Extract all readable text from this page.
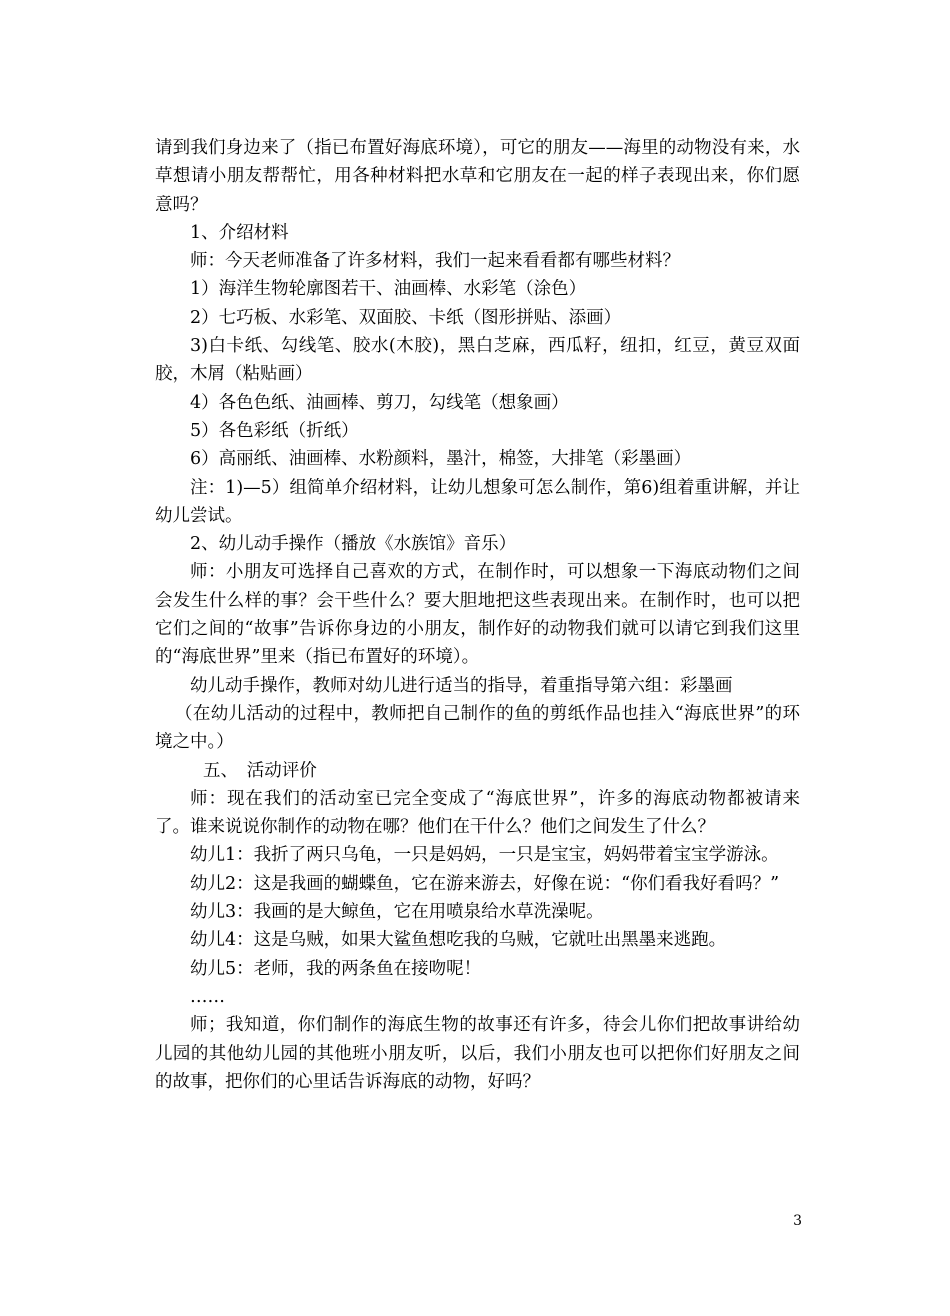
请到我们身边来了（指已布置好海底环境），可它的朋友——海里的动物没有来，水草想请小朋友帮帮忙，用各种材料把水草和它朋友在一起的样子表现出来，你们愿意吗？

1、介绍材料

师：今天老师准备了许多材料，我们一起来看看都有哪些材料？

1）海洋生物轮廓图若干、油画棒、水彩笔（涂色）

2）七巧板、水彩笔、双面胶、卡纸（图形拼贴、添画）

3)白卡纸、勾线笔、胶水(木胶)，黑白芝麻，西瓜籽，纽扣，红豆，黄豆双面胶，木屑（粘贴画）

4）各色色纸、油画棒、剪刀，勾线笔（想象画）

5）各色彩纸（折纸）

6）高丽纸、油画棒、水粉颜料，墨汁，棉签，大排笔（彩墨画）

注：1)—5）组简单介绍材料，让幼儿想象可怎么制作，第6)组着重讲解，并让幼儿尝试。

2、幼儿动手操作（播放《水族馆》音乐）

师：小朋友可选择自己喜欢的方式，在制作时，可以想象一下海底动物们之间会发生什么样的事？会干些什么？要大胆地把这些表现出来。在制作时，也可以把它们之间的“故事”告诉你身边的小朋友，制作好的动物我们就可以请它到我们这里的“海底世界”里来（指已布置好的环境）。

幼儿动手操作，教师对幼儿进行适当的指导，着重指导第六组：彩墨画

（在幼儿活动的过程中，教师把自己制作的鱼的剪纸作品也挂入“海底世界”的环境之中。）

五、　活动评价

师：现在我们的活动室已完全变成了“海底世界”，许多的海底动物都被请来了。谁来说说你制作的动物在哪？他们在干什么？他们之间发生了什么？

幼儿1：我折了两只乌龟，一只是妈妈，一只是宝宝，妈妈带着宝宝学游泳。

幼儿2：这是我画的蝴蝶鱼，它在游来游去，好像在说：“你们看我好看吗？”

幼儿3：我画的是大鲸鱼，它在用喷泉给水草洗澡呢。

幼儿4：这是乌贼，如果大鲨鱼想吃我的乌贼，它就吐出黑墨来逃跑。

幼儿5：老师，我的两条鱼在接吻呢！

……

师；我知道，你们制作的海底生物的故事还有许多，待会儿你们把故事讲给幼儿园的其他幼儿园的其他班小朋友听，以后，我们小朋友也可以把你们好朋友之间的故事，把你们的心里话告诉海底的动物，好吗？

3
